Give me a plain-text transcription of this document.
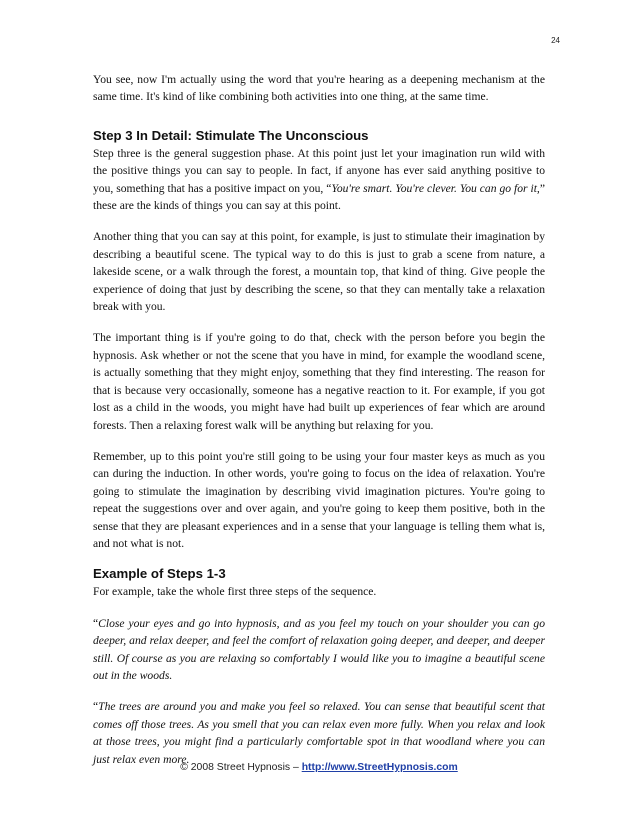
24

You see, now I'm actually using the word that you're hearing as a deepening mechanism at the same time. It's kind of like combining both activities into one thing, at the same time.

Step 3 In Detail: Stimulate The Unconscious

Step three is the general suggestion phase. At this point just let your imagination run wild with the positive things you can say to people. In fact, if anyone has ever said anything positive to you, something that has a positive impact on you, “You're smart. You're clever. You can go for it,” these are the kinds of things you can say at this point.

Another thing that you can say at this point, for example, is just to stimulate their imagination by describing a beautiful scene. The typical way to do this is just to grab a scene from nature, a lakeside scene, or a walk through the forest, a mountain top, that kind of thing. Give people the experience of doing that just by describing the scene, so that they can mentally take a relaxation break with you.

The important thing is if you're going to do that, check with the person before you begin the hypnosis. Ask whether or not the scene that you have in mind, for example the woodland scene, is actually something that they might enjoy, something that they find interesting. The reason for that is because very occasionally, someone has a negative reaction to it. For example, if you got lost as a child in the woods, you might have had built up experiences of fear which are around forests. Then a relaxing forest walk will be anything but relaxing for you.

Remember, up to this point you're still going to be using your four master keys as much as you can during the induction. In other words, you're going to focus on the idea of relaxation. You're going to stimulate the imagination by describing vivid imagination pictures. You're going to repeat the suggestions over and over again, and you're going to keep them positive, both in the sense that they are pleasant experiences and in a sense that your language is telling them what is, and not what is not.

Example of Steps 1-3

For example, take the whole first three steps of the sequence.

“Close your eyes and go into hypnosis, and as you feel my touch on your shoulder you can go deeper, and relax deeper, and feel the comfort of relaxation going deeper, and deeper, and deeper still. Of course as you are relaxing so comfortably I would like you to imagine a beautiful scene out in the woods.

“The trees are around you and make you feel so relaxed. You can sense that beautiful scent that comes off those trees. As you smell that you can relax even more fully. When you relax and look at those trees, you might find a particularly comfortable spot in that woodland where you can just relax even more.

© 2008 Street Hypnosis – http://www.StreetHypnosis.com
